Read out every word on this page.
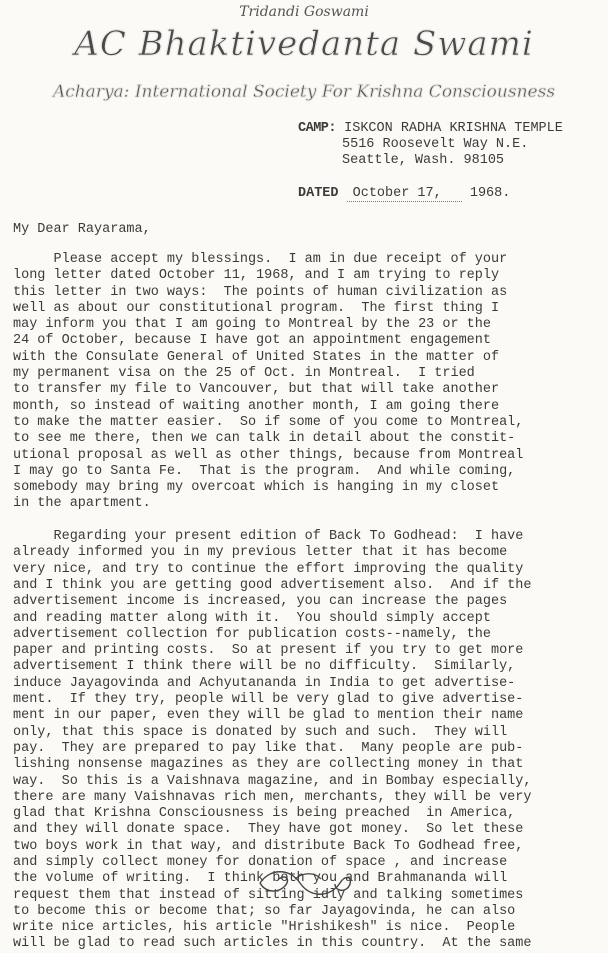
Tridandi Goswami
AC Bhaktivedanta Swami
Acharya: International Society For Krishna Consciousness
CAMP: ISKCON RADHA KRISHNA TEMPLE
5516 Roosevelt Way N.E.
Seattle, Wash. 98105
DATED October 17, 1968.
My Dear Rayarama,
Please accept my blessings.  I am in due receipt of your
long letter dated October 11, 1968, and I am trying to reply
this letter in two ways:  The points of human civilization as
well as about our constitutional program.  The first thing I
may inform you that I am going to Montreal by the 23 or the
24 of October, because I have got an appointment engagement
with the Consulate General of United States in the matter of
my permanent visa on the 25 of Oct. in Montreal.  I tried
to transfer my file to Vancouver, but that will take another
month, so instead of waiting another month, I am going there
to make the matter easier.  So if some of you come to Montreal,
to see me there, then we can talk in detail about the constit-
utional proposal as well as other things, because from Montreal
I may go to Santa Fe.  That is the program.  And while coming,
somebody may bring my overcoat which is hanging in my closet
in the apartment.

Regarding your present edition of Back To Godhead:  I have
already informed you in my previous letter that it has become
very nice, and try to continue the effort improving the quality
and I think you are getting good advertisement also.  And if the
advertisement income is increased, you can increase the pages
and reading matter along with it.  You should simply accept
advertisement collection for publication costs--namely, the
paper and printing costs.  So at present if you try to get more
advertisement I think there will be no difficulty.  Similarly,
induce Jayagovinda and Achyutananda in India to get advertise-
ment.  If they try, people will be very glad to give advertise-
ment in our paper, even they will be glad to mention their name
only, that this space is donated by such and such.  They will
pay.  They are prepared to pay like that.  Many people are pub-
lishing nonsense magazines as they are collecting money in that
way.  So this is a Vaishnava magazine, and in Bombay especially,
there are many Vaishnavas rich men, merchants, they will be very
glad that Krishna Consciousness is being preached  in America,
and they will donate space.  They have got money.  So let these
two boys work in that way, and distribute Back To Godhead free,
and simply collect money for donation of space , and increase
the volume of writing.  I think both you and Brahmananda will
request them that instead of sitting idly and talking sometimes
to become this or become that; so far Jayagovinda, he can also
write nice articles, his article "Hrishikesh" is nice.  People
will be glad to read such articles in this country.  At the same
